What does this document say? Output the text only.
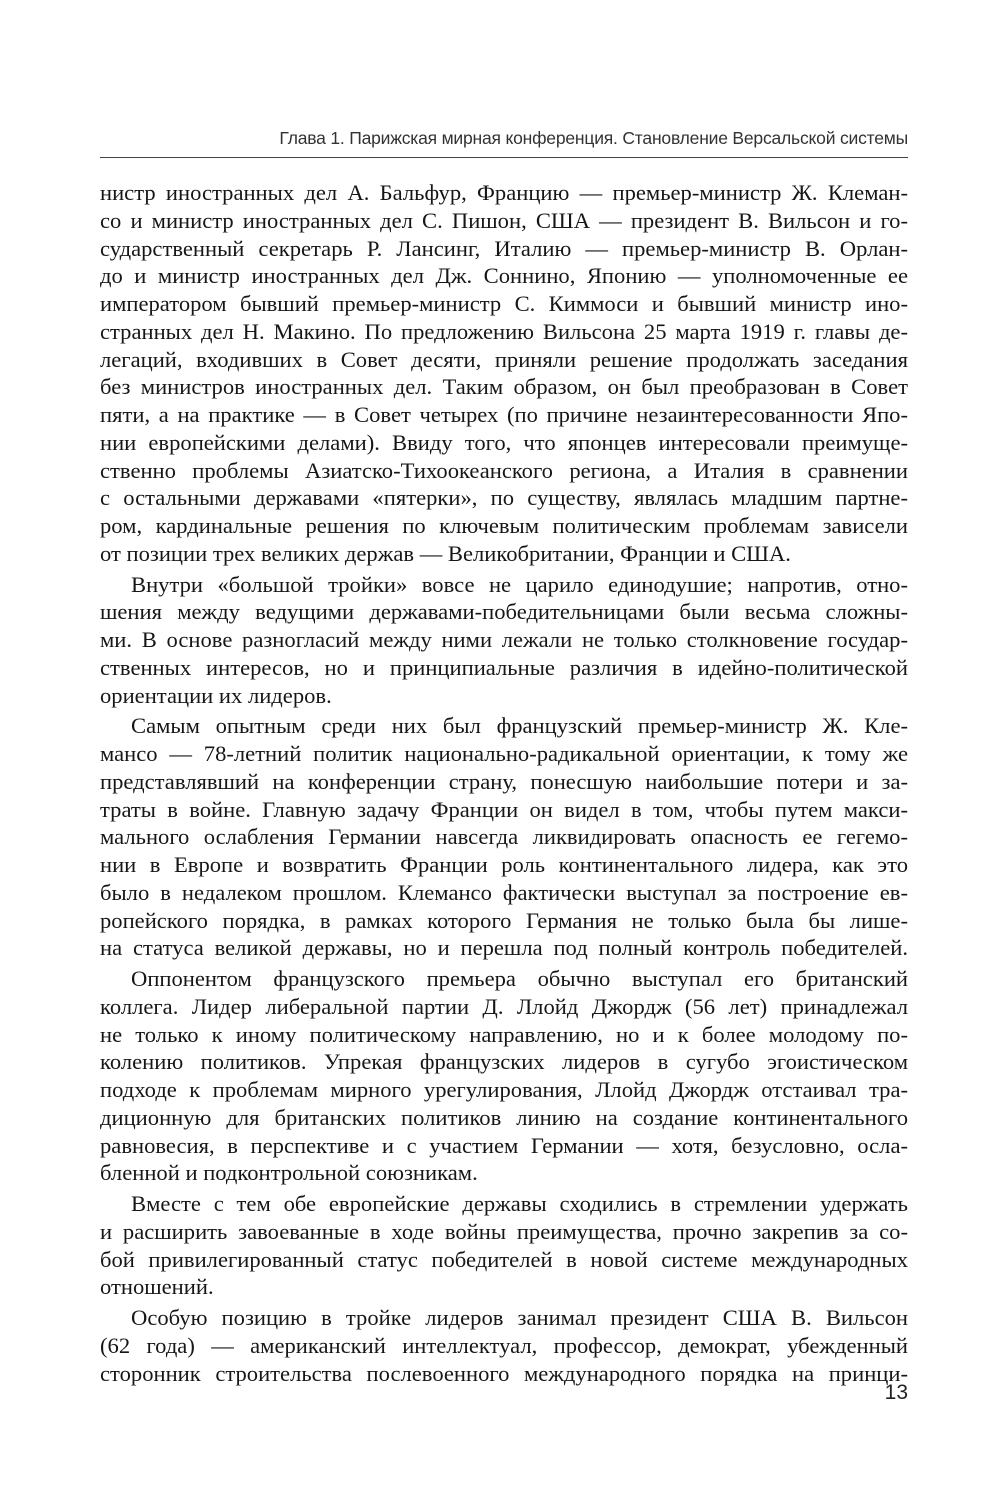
Глава 1. Парижская мирная конференция. Становление Версальской системы

нистр иностранных дел А. Бальфур, Францию — премьер-министр Ж. Клеман-
со и министр иностранных дел С. Пишон, США — президент В. Вильсон и го-
сударственный секретарь Р. Лансинг, Италию — премьер-министр В. Орлан-
до и министр иностранных дел Дж. Соннино, Японию — уполномоченные ее
императором бывший премьер-министр С. Киммоси и бывший министр ино-
странных дел Н. Макино. По предложению Вильсона 25 марта 1919 г. главы де-
легаций, входивших в Совет десяти, приняли решение продолжать заседания
без министров иностранных дел. Таким образом, он был преобразован в Совет
пяти, а на практике — в Совет четырех (по причине незаинтересованности Япо-
нии европейскими делами). Ввиду того, что японцев интересовали преимуще-
ственно проблемы Азиатско-Тихоокеанского региона, а Италия в сравнении
с остальными державами «пятерки», по существу, являлась младшим партне-
ром, кардинальные решения по ключевым политическим проблемам зависели

от позиции трех великих держав — Великобритании, Франции и США.

Внутри «большой тройки» вовсе не царило единодушие; напротив, отно-

шения между ведущими державами-победительницами были весьма сложны-
ми. В основе разногласий между ними лежали не только столкновение государ-
ственных интересов, но и принципиальные различия в идейно-политической

ориентации их лидеров.

Самым опытным среди них был французский премьер-министр Ж. Кле-

мансо — 78-летний политик национально-радикальной ориентации, к тому же
представлявший на конференции страну, понесшую наибольшие потери и за-
траты в войне. Главную задачу Франции он видел в том, чтобы путем макси-
мального ослабления Германии навсегда ликвидировать опасность ее гегемо-
нии в Европе и возвратить Франции роль континентального лидера, как это
было в недалеком прошлом. Клемансо фактически выступал за построение ев-
ропейского порядка, в рамках которого Германия не только была бы лише-

на статуса великой державы, но и перешла под полный контроль победителей.

Оппонентом французского премьера обычно выступал его британский

коллега. Лидер либеральной партии Д. Ллойд Джордж (56 лет) принадлежал
не только к иному политическому направлению, но и к более молодому по-
колению политиков. Упрекая французских лидеров в сугубо эгоистическом
подходе к проблемам мирного урегулирования, Ллойд Джордж отстаивал тра-
диционную для британских политиков линию на создание континентального
равновесия, в перспективе и с участием Германии — хотя, безусловно, осла-

бленной и подконтрольной союзникам.

Вместе с тем обе европейские державы сходились в стремлении удержать

и расширить завоеванные в ходе войны преимущества, прочно закрепив за со-
бой привилегированный статус победителей в новой системе международных

отношений.

Особую позицию в тройке лидеров занимал президент США В. Вильсон

(62 года) — американский интеллектуал, профессор, демократ, убежденный
сторонник строительства послевоенного международного порядка на принци-

13
